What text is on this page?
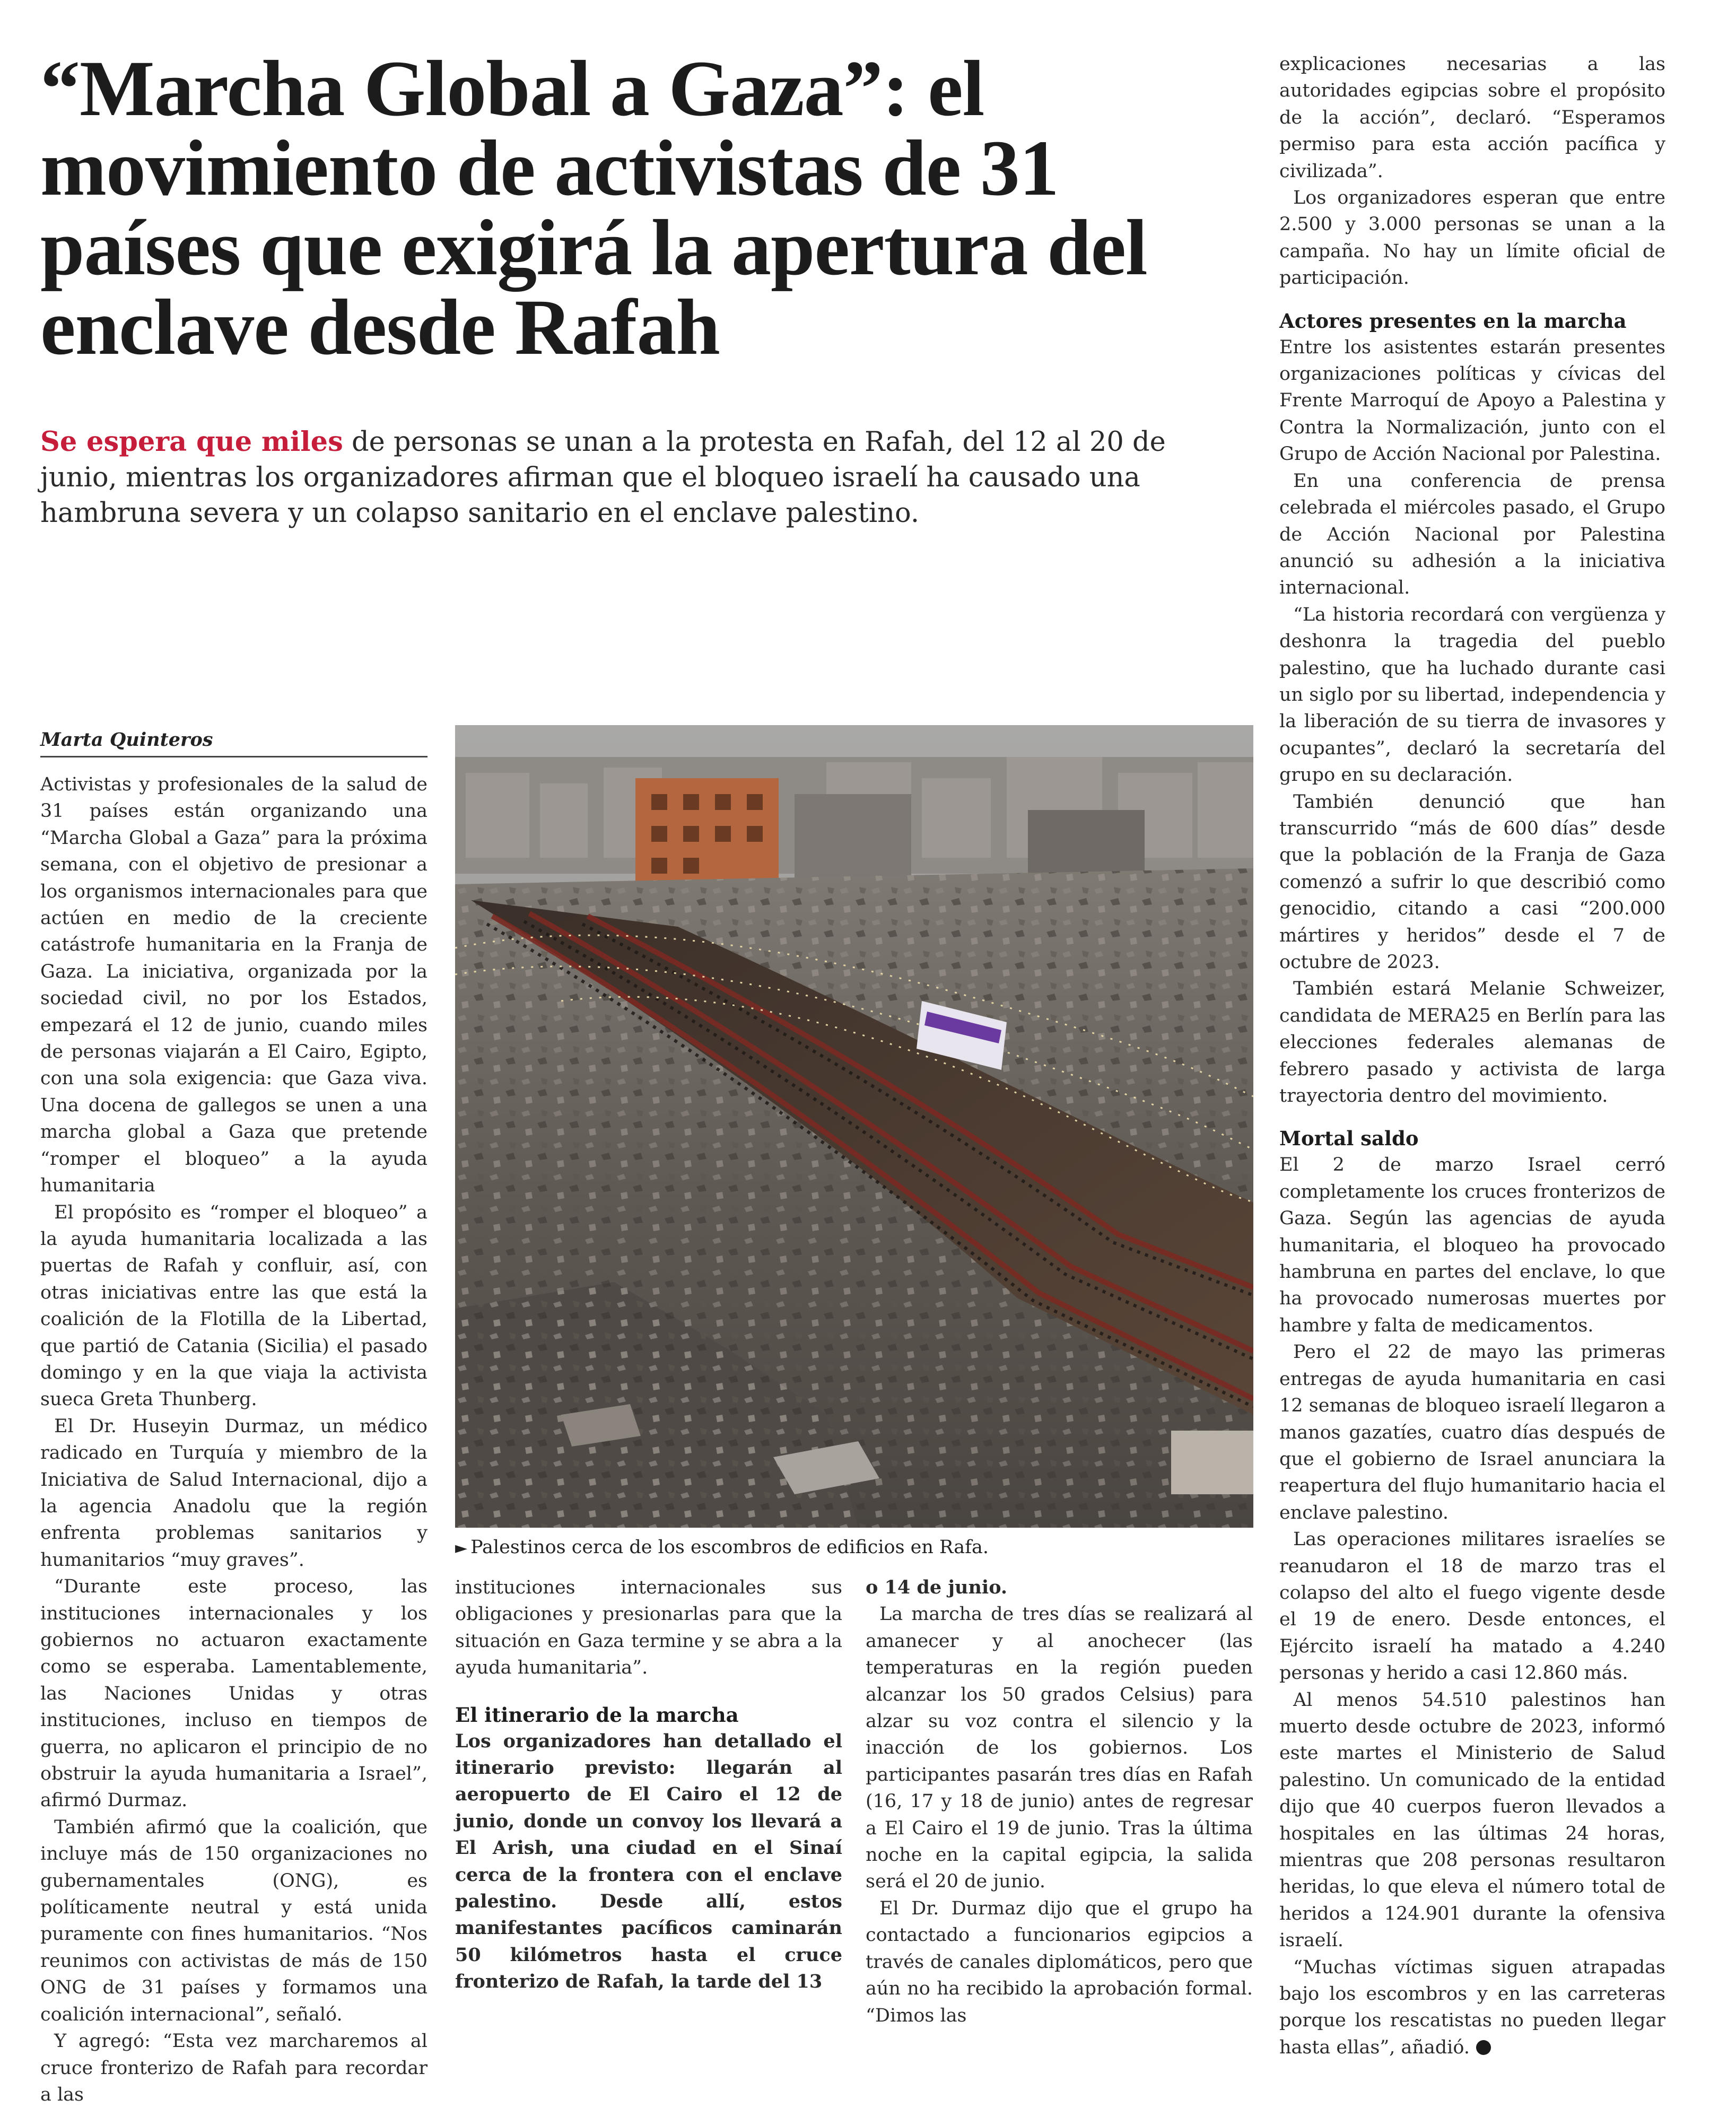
“Marcha Global a Gaza”: el movimiento de activistas de 31 países que exigirá la apertura del enclave desde Rafah

Se espera que miles de personas se unan a la protesta en Rafah, del 12 al 20 de junio, mientras los organizadores afirman que el bloqueo israelí ha causado una hambruna severa y un colapso sanitario en el enclave palestino.

Marta Quinteros

Activistas y profesionales de la salud de 31 países están organizando una “Marcha Global a Gaza” para la próxima semana, con el objetivo de presionar a los organismos internacionales para que actúen en medio de la creciente catástrofe humanitaria en la Franja de Gaza. La iniciativa, organizada por la sociedad civil, no por los Estados, empezará el 12 de junio, cuando miles de personas viajarán a El Cairo, Egipto, con una sola exigencia: que Gaza viva. Una docena de gallegos se unen a una marcha global a Gaza que pretende “romper el bloqueo” a la ayuda humanitaria

El propósito es “romper el bloqueo” a la ayuda humanitaria localizada a las puertas de Rafah y confluir, así, con otras iniciativas entre las que está la coalición de la Flotilla de la Libertad, que partió de Catania (Sicilia) el pasado domingo y en la que viaja la activista sueca Greta Thunberg.

El Dr. Huseyin Durmaz, un médico radicado en Turquía y miembro de la Iniciativa de Salud Internacional, dijo a la agencia Anadolu que la región enfrenta problemas sanitarios y humanitarios “muy graves”.

“Durante este proceso, las instituciones internacionales y los gobiernos no actuaron exactamente como se esperaba. Lamentablemente, las Naciones Unidas y otras instituciones, incluso en tiempos de guerra, no aplicaron el principio de no obstruir la ayuda humanitaria a Israel”, afirmó Durmaz.

También afirmó que la coalición, que incluye más de 150 organizaciones no gubernamentales (ONG), es políticamente neutral y está unida puramente con fines humanitarios. “Nos reunimos con activistas de más de 150 ONG de 31 países y formamos una coalición internacional”, señaló.

Y agregó: “Esta vez marcharemos al cruce fronterizo de Rafah para recordar a las

► Palestinos cerca de los escombros de edificios en Rafa.

instituciones internacionales sus obligaciones y presionarlas para que la situación en Gaza termine y se abra a la ayuda humanitaria”.

El itinerario de la marcha

Los organizadores han detallado el itinerario previsto: llegarán al aeropuerto de El Cairo el 12 de junio, donde un convoy los llevará a El Arish, una ciudad en el Sinaí cerca de la frontera con el enclave palestino. Desde allí, estos manifestantes pacíficos caminarán 50 kilómetros hasta el cruce fronterizo de Rafah, la tarde del 13

o 14 de junio.

La marcha de tres días se realizará al amanecer y al anochecer (las temperaturas en la región pueden alcanzar los 50 grados Celsius) para alzar su voz contra el silencio y la inacción de los gobiernos. Los participantes pasarán tres días en Rafah (16, 17 y 18 de junio) antes de regresar a El Cairo el 19 de junio. Tras la última noche en la capital egipcia, la salida será el 20 de junio.

El Dr. Durmaz dijo que el grupo ha contactado a funcionarios egipcios a través de canales diplomáticos, pero que aún no ha recibido la aprobación formal. “Dimos las

explicaciones necesarias a las autoridades egipcias sobre el propósito de la acción”, declaró. “Esperamos permiso para esta acción pacífica y civilizada”.

Los organizadores esperan que entre 2.500 y 3.000 personas se unan a la campaña. No hay un límite oficial de participación.

Actores presentes en la marcha

Entre los asistentes estarán presentes organizaciones políticas y cívicas del Frente Marroquí de Apoyo a Palestina y Contra la Normalización, junto con el Grupo de Acción Nacional por Palestina.

En una conferencia de prensa celebrada el miércoles pasado, el Grupo de Acción Nacional por Palestina anunció su adhesión a la iniciativa internacional.

“La historia recordará con vergüenza y deshonra la tragedia del pueblo palestino, que ha luchado durante casi un siglo por su libertad, independencia y la liberación de su tierra de invasores y ocupantes”, declaró la secretaría del grupo en su declaración.

También denunció que han transcurrido “más de 600 días” desde que la población de la Franja de Gaza comenzó a sufrir lo que describió como genocidio, citando a casi “200.000 mártires y heridos” desde el 7 de octubre de 2023.

También estará Melanie Schweizer, candidata de MERA25 en Berlín para las elecciones federales alemanas de febrero pasado y activista de larga trayectoria dentro del movimiento.

Mortal saldo

El 2 de marzo Israel cerró completamente los cruces fronterizos de Gaza. Según las agencias de ayuda humanitaria, el bloqueo ha provocado hambruna en partes del enclave, lo que ha provocado numerosas muertes por hambre y falta de medicamentos.

Pero el 22 de mayo las primeras entregas de ayuda humanitaria en casi 12 semanas de bloqueo israelí llegaron a manos gazatíes, cuatro días después de que el gobierno de Israel anunciara la reapertura del flujo humanitario hacia el enclave palestino.

Las operaciones militares israelíes se reanudaron el 18 de marzo tras el colapso del alto el fuego vigente desde el 19 de enero. Desde entonces, el Ejército israelí ha matado a 4.240 personas y herido a casi 12.860 más.

Al menos 54.510 palestinos han muerto desde octubre de 2023, informó este martes el Ministerio de Salud palestino. Un comunicado de la entidad dijo que 40 cuerpos fueron llevados a hospitales en las últimas 24 horas, mientras que 208 personas resultaron heridas, lo que eleva el número total de heridos a 124.901 durante la ofensiva israelí.

“Muchas víctimas siguen atrapadas bajo los escombros y en las carreteras porque los rescatistas no pueden llegar hasta ellas”, añadió.
